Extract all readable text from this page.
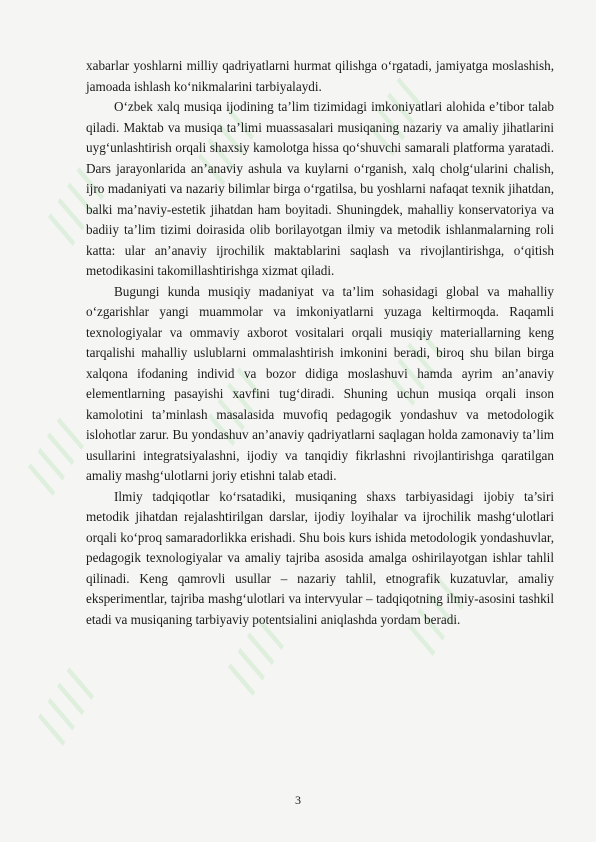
////
//// ////
////
//// ////
////
//// ////

xabarlar yoshlarni milliy qadriyatlarni hurmat qilishga o‘rgatadi, jamiyatga moslashish, jamoada ishlash ko‘nikmalarini tarbiyalaydi.

O‘zbek xalq musiqa ijodining ta’lim tizimidagi imkoniyatlari alohida e’tibor talab qiladi. Maktab va musiqa ta’limi muassasalari musiqaning nazariy va amaliy jihatlarini uyg‘unlashtirish orqali shaxsiy kamolotga hissa qo‘shuvchi samarali platforma yaratadi. Dars jarayonlarida an’anaviy ashula va kuylarni o‘rganish, xalq cholg‘ularini chalish, ijro madaniyati va nazariy bilimlar birga o‘rgatilsa, bu yoshlarni nafaqat texnik jihatdan, balki ma’naviy-estetik jihatdan ham boyitadi. Shuningdek, mahalliy konservatoriya va badiiy ta’lim tizimi doirasida olib borilayotgan ilmiy va metodik ishlanmalarning roli katta: ular an’anaviy ijrochilik maktablarini saqlash va rivojlantirishga, o‘qitish metodikasini takomillashtirishga xizmat qiladi.

Bugungi kunda musiqiy madaniyat va ta’lim sohasidagi global va mahalliy o‘zgarishlar yangi muammolar va imkoniyatlarni yuzaga keltirmoqda. Raqamli texnologiyalar va ommaviy axborot vositalari orqali musiqiy materiallarning keng tarqalishi mahalliy uslublarni ommalashtirish imkonini beradi, biroq shu bilan birga xalqona ifodaning individ va bozor didiga moslashuvi hamda ayrim an’anaviy elementlarning pasayishi xavfini tug‘diradi. Shuning uchun musiqa orqali inson kamolotini ta’minlash masalasida muvofiq pedagogik yondashuv va metodologik islohotlar zarur. Bu yondashuv an’anaviy qadriyatlarni saqlagan holda zamonaviy ta’lim usullarini integratsiyalashni, ijodiy va tanqidiy fikrlashni rivojlantirishga qaratilgan amaliy mashg‘ulotlarni joriy etishni talab etadi.

Ilmiy tadqiqotlar ko‘rsatadiki, musiqaning shaxs tarbiyasidagi ijobiy ta’siri metodik jihatdan rejalashtirilgan darslar, ijodiy loyihalar va ijrochilik mashg‘ulotlari orqali ko‘proq samaradorlikka erishadi. Shu bois kurs ishida metodologik yondashuvlar, pedagogik texnologiyalar va amaliy tajriba asosida amalga oshirilayotgan ishlar tahlil qilinadi. Keng qamrovli usullar – nazariy tahlil, etnografik kuzatuvlar, amaliy eksperimentlar, tajriba mashg‘ulotlari va intervyular – tadqiqotning ilmiy-asosini tashkil etadi va musiqaning tarbiyaviy potentsialini aniqlashda yordam beradi.

3
